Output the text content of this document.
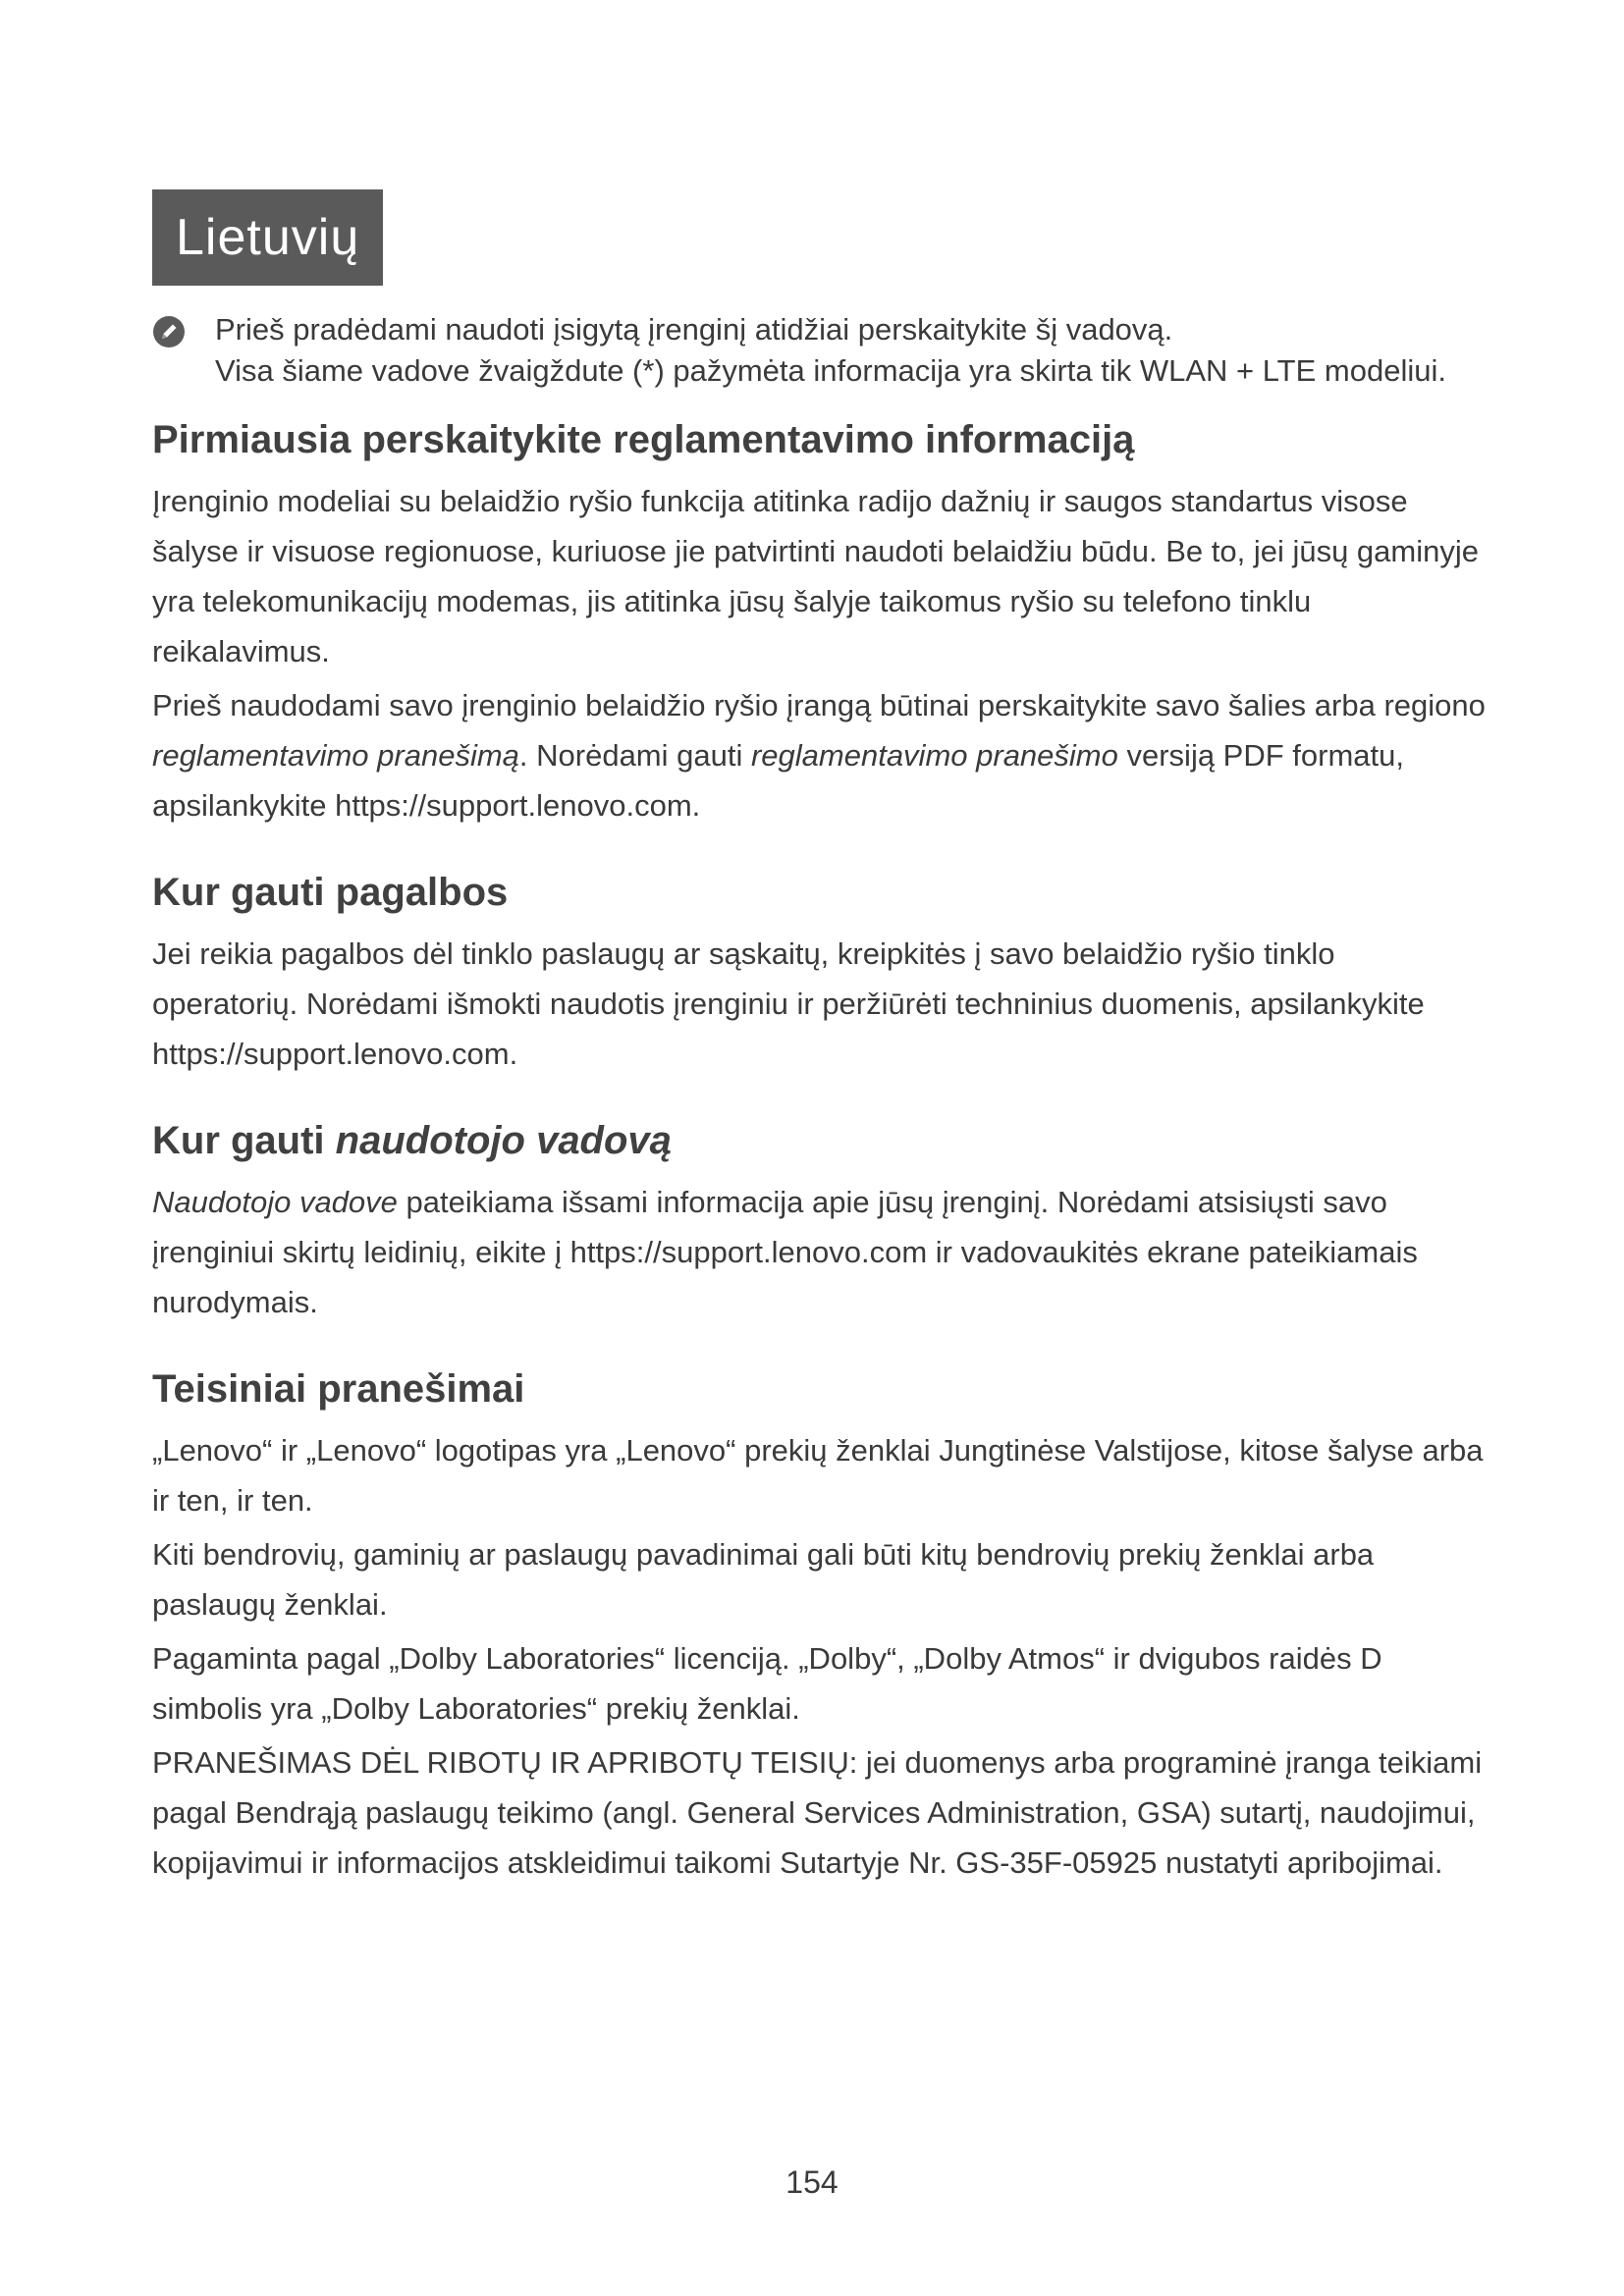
Lietuvių
Prieš pradėdami naudoti įsigytą įrenginį atidžiai perskaitykite šį vadovą.
Visa šiame vadove žvaigždute (*) pažymėta informacija yra skirta tik WLAN + LTE modeliui.
Pirmiausia perskaitykite reglamentavimo informaciją

Įrenginio modeliai su belaidžio ryšio funkcija atitinka radijo dažnių ir saugos standartus visose šalyse ir visuose regionuose, kuriuose jie patvirtinti naudoti belaidžiu būdu. Be to, jei jūsų gaminyje yra telekomunikacijų modemas, jis atitinka jūsų šalyje taikomus ryšio su telefono tinklu reikalavimus.

Prieš naudodami savo įrenginio belaidžio ryšio įrangą būtinai perskaitykite savo šalies arba regiono reglamentavimo pranešimą. Norėdami gauti reglamentavimo pranešimo versiją PDF formatu, apsilankykite https://support.lenovo.com.

Kur gauti pagalbos

Jei reikia pagalbos dėl tinklo paslaugų ar sąskaitų, kreipkitės į savo belaidžio ryšio tinklo operatorių. Norėdami išmokti naudotis įrenginiu ir peržiūrėti techninius duomenis, apsilankykite https://support.lenovo.com.

Kur gauti naudotojo vadovą

Naudotojo vadove pateikiama išsami informacija apie jūsų įrenginį. Norėdami atsisiųsti savo įrenginiui skirtų leidinių, eikite į https://support.lenovo.com ir vadovaukitės ekrane pateikiamais nurodymais.

Teisiniai pranešimai

„Lenovo“ ir „Lenovo“ logotipas yra „Lenovo“ prekių ženklai Jungtinėse Valstijose, kitose šalyse arba ir ten, ir ten.

Kiti bendrovių, gaminių ar paslaugų pavadinimai gali būti kitų bendrovių prekių ženklai arba paslaugų ženklai.

Pagaminta pagal „Dolby Laboratories“ licenciją. „Dolby“, „Dolby Atmos“ ir dvigubos raidės D simbolis yra „Dolby Laboratories“ prekių ženklai.

PRANEŠIMAS DĖL RIBOTŲ IR APRIBOTŲ TEISIŲ: jei duomenys arba programinė įranga teikiami pagal Bendrąją paslaugų teikimo (angl. General Services Administration, GSA) sutartį, naudojimui, kopijavimui ir informacijos atskleidimui taikomi Sutartyje Nr. GS-35F-05925 nustatyti apribojimai.

154
